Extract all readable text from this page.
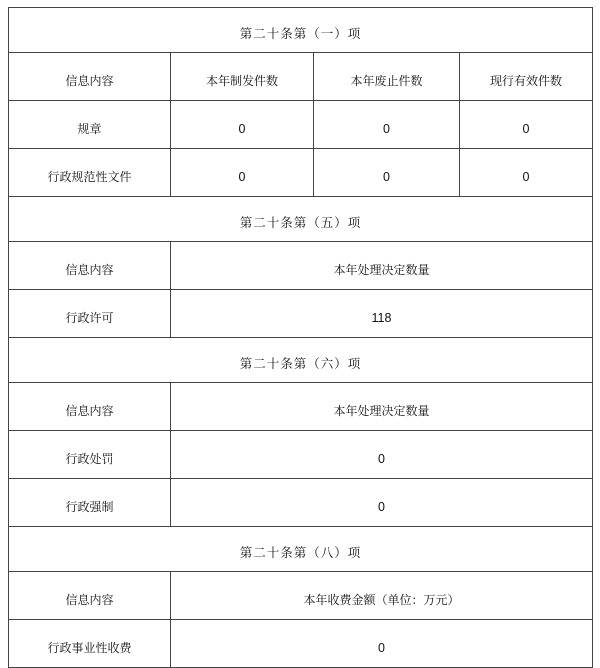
第二十条第（一）项			
信息内容	本年制发件数	本年废止件数	现行有效件数
规章	0	0	0
行政规范性文件	0	0	0
第二十条第（五）项			
信息内容	本年处理决定数量		
行政许可	118		
第二十条第（六）项			
信息内容	本年处理决定数量		
行政处罚	0		
行政强制	0		
第二十条第（八）项			
信息内容	本年收费金额（单位：万元）		
行政事业性收费	0		
